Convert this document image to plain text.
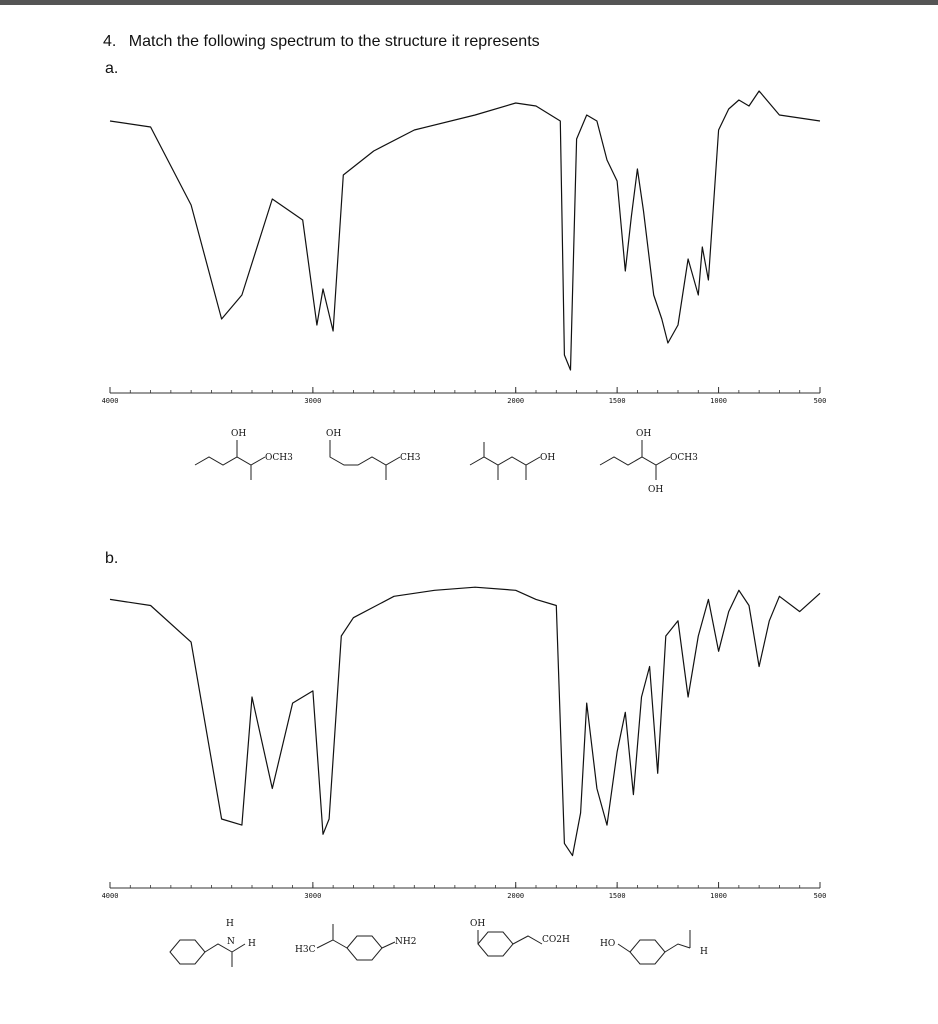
4. Match the following spectrum to the structure it represents
a.
4000	3000	2000	1500	1000	500
OH
OCH3
OH
CH3	OH
OH
OCH3
OH
b.
4000	3000	2000	1500	1000	500
H
N H
H3C
NH2
OH
CO2H	HO
H
